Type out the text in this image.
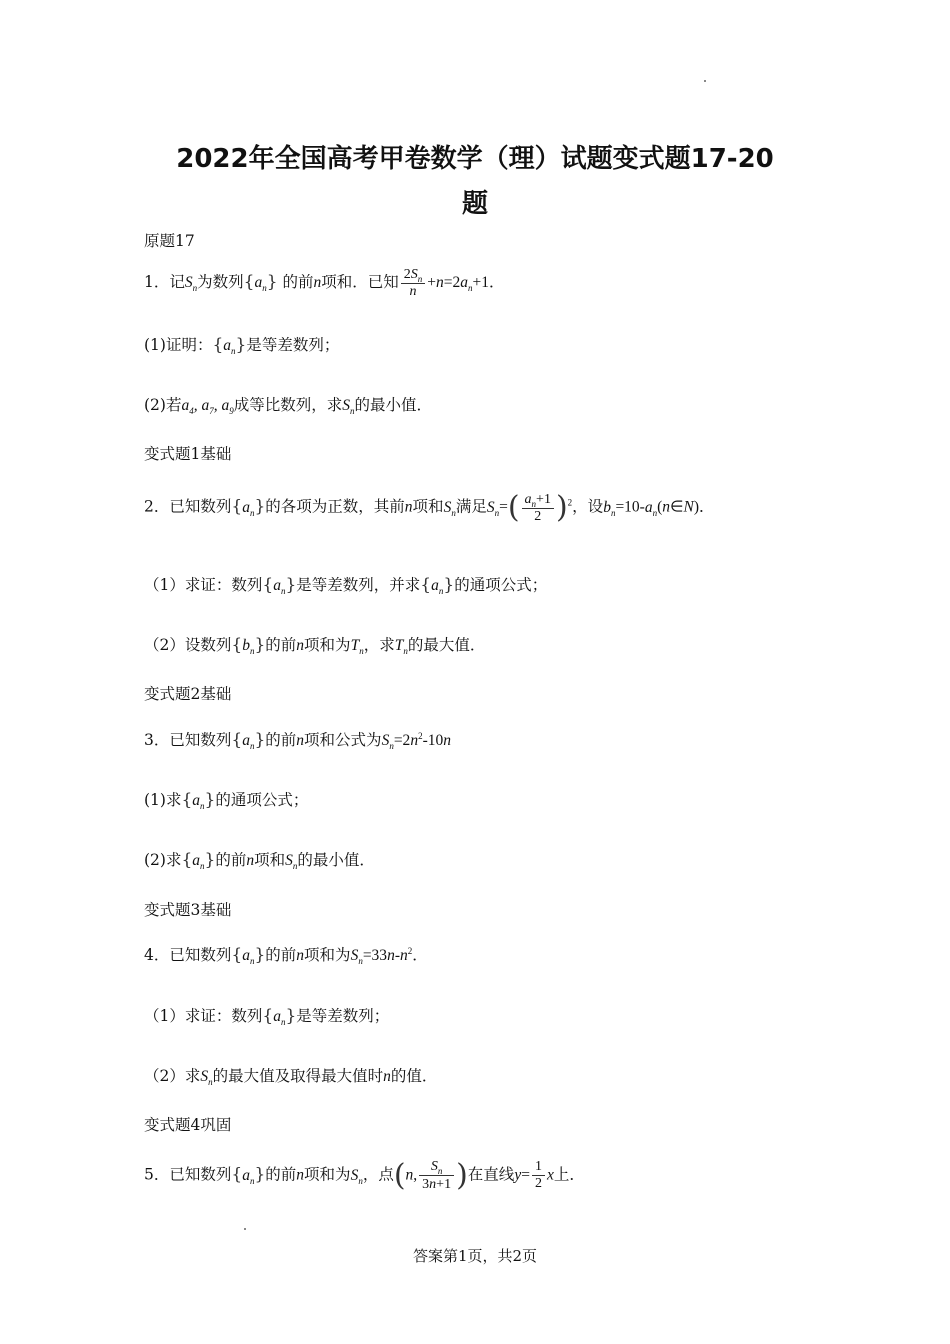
2022年全国高考甲卷数学（理）试题变式题17-20
题
原题17
1．记$S_n$为数列$\{a_n\}$ 的前n项和．已知 $\frac{2S_n}{n} +n=2a_n+1$．
(1)证明：$\{a_n\}$是等差数列；
(2)若$a_4$, $a_7$, $a_9$成等比数列，求$S_n$的最小值．
变式题1基础
2．已知数列$\{a_n\}$的各项为正数，其前n项和$S_n$满足$S_n=( \frac{a_n+1}{2} )^2$，设$b_n=10-a_n(n\in N)$．
（1）求证：数列$\{a_n\}$是等差数列，并求$\{a_n\}$的通项公式；
（2）设数列$\{b_n\}$的前n项和为$T_n$，求$T_n$的最大值．
变式题2基础
3．已知数列$\{a_n\}$的前n项和公式为$S_n=2n^2-10n$
(1)求$\{a_n\}$的通项公式；
(2)求$\{a_n\}$的前n项和$S_n$的最小值．
变式题3基础
4．已知数列$\{a_n\}$的前n项和为$S_n=33n-n^2$．
（1）求证：数列$\{a_n\}$是等差数列；
（2）求$S_n$的最大值及取得最大值时n的值．
变式题4巩固
5．已知数列$\{a_n\}$的前n项和为$S_n$，点(n, $\frac{S_n}{3n+1}$ )在直线$y= \frac{1}{2}$ x上．
答案第1页，共2页
